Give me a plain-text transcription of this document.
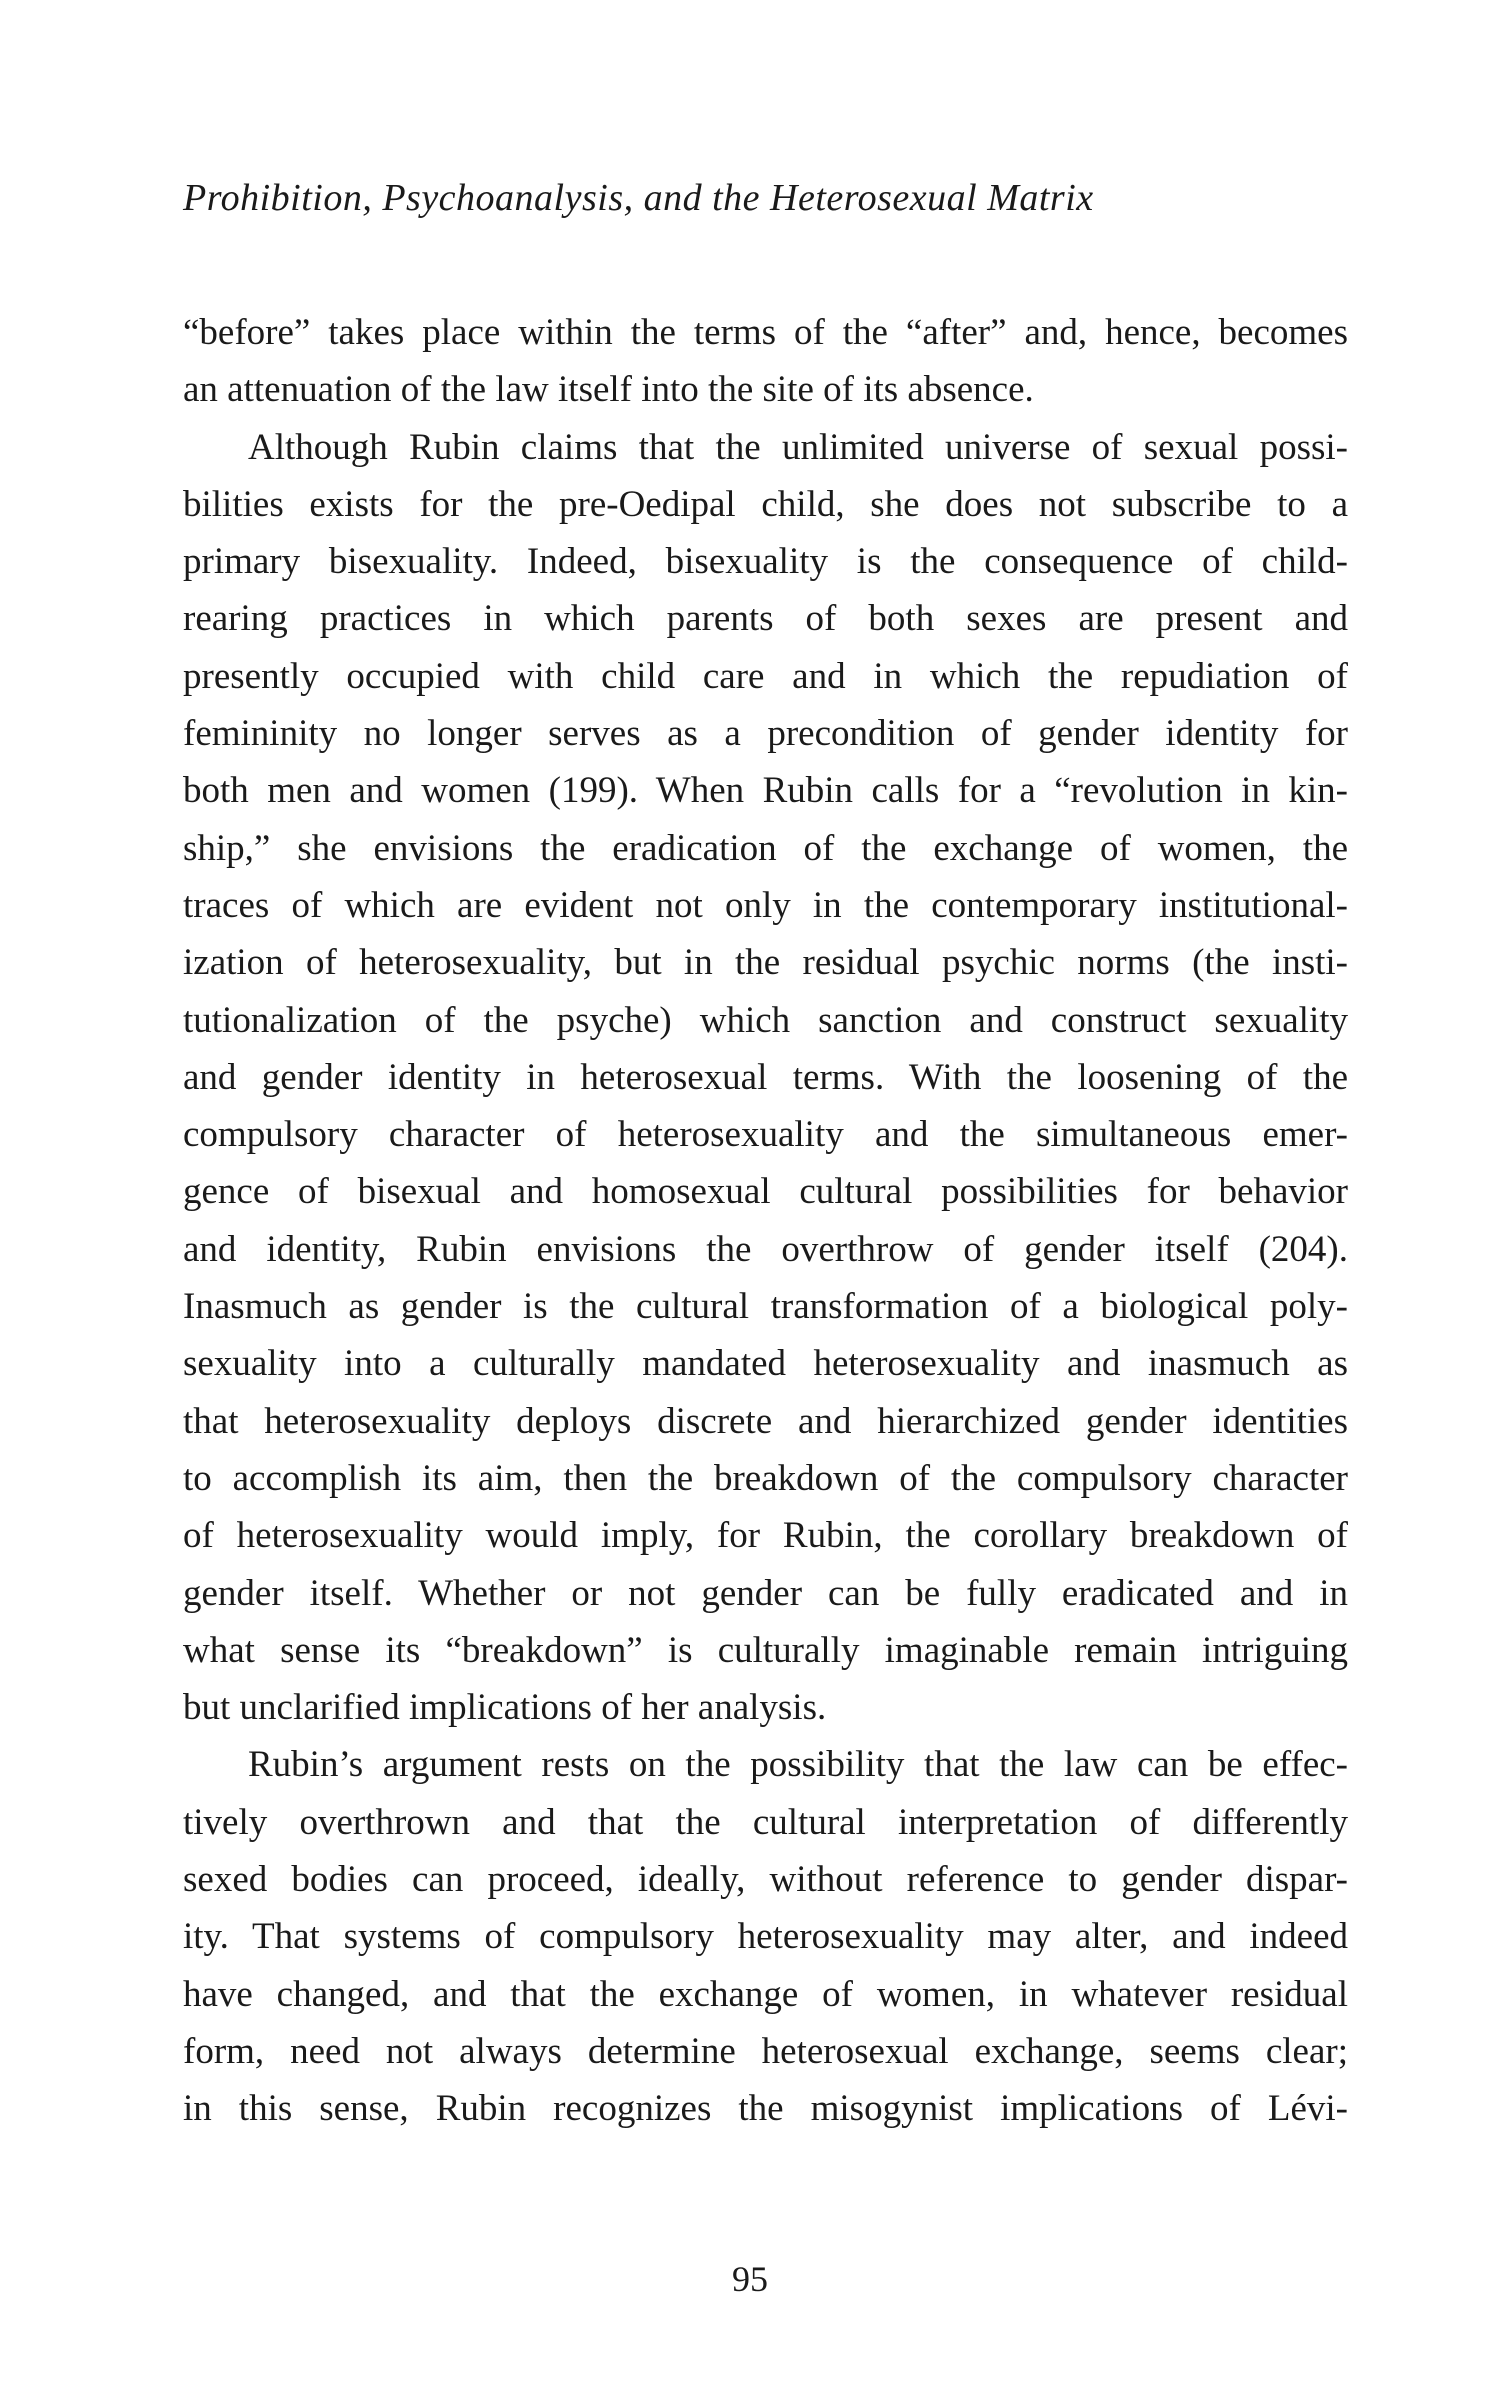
Prohibition, Psychoanalysis, and the Heterosexual Matrix
“before” takes place within the terms of the “after” and, hence, becomes
an attenuation of the law itself into the site of its absence.
Although Rubin claims that the unlimited universe of sexual possi-
bilities exists for the pre-Oedipal child, she does not subscribe to a
primary bisexuality. Indeed, bisexuality is the consequence of child-
rearing practices in which parents of both sexes are present and
presently occupied with child care and in which the repudiation of
femininity no longer serves as a precondition of gender identity for
both men and women (199). When Rubin calls for a “revolution in kin-
ship,” she envisions the eradication of the exchange of women, the
traces of which are evident not only in the contemporary institutional-
ization of heterosexuality, but in the residual psychic norms (the insti-
tutionalization of the psyche) which sanction and construct sexuality
and gender identity in heterosexual terms. With the loosening of the
compulsory character of heterosexuality and the simultaneous emer-
gence of bisexual and homosexual cultural possibilities for behavior
and identity, Rubin envisions the overthrow of gender itself (204).
Inasmuch as gender is the cultural transformation of a biological poly-
sexuality into a culturally mandated heterosexuality and inasmuch as
that heterosexuality deploys discrete and hierarchized gender identities
to accomplish its aim, then the breakdown of the compulsory character
of heterosexuality would imply, for Rubin, the corollary breakdown of
gender itself. Whether or not gender can be fully eradicated and in
what sense its “breakdown” is culturally imaginable remain intriguing
but unclarified implications of her analysis.
Rubin’s argument rests on the possibility that the law can be effec-
tively overthrown and that the cultural interpretation of differently
sexed bodies can proceed, ideally, without reference to gender dispar-
ity. That systems of compulsory heterosexuality may alter, and indeed
have changed, and that the exchange of women, in whatever residual
form, need not always determine heterosexual exchange, seems clear;
in this sense, Rubin recognizes the misogynist implications of Lévi-
95
